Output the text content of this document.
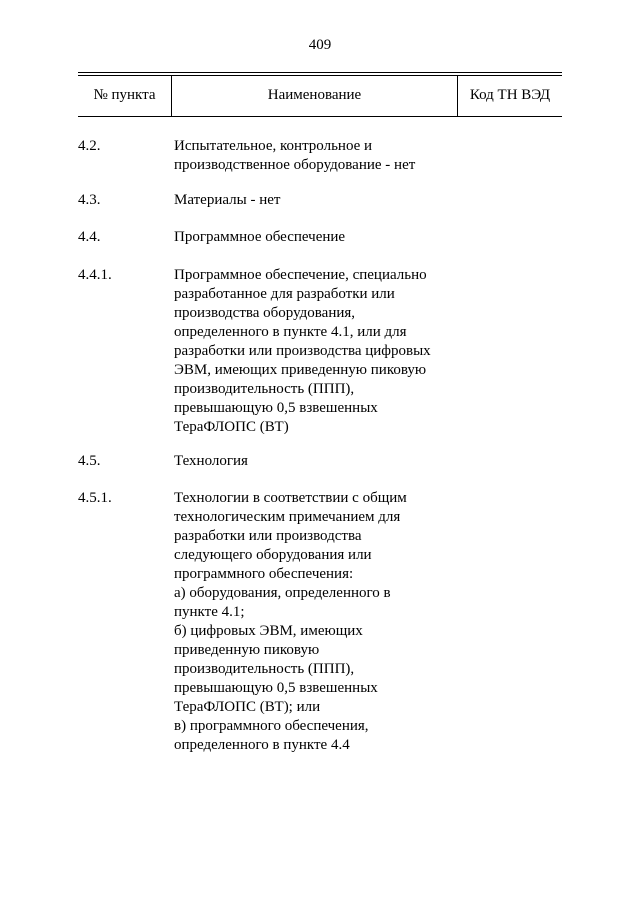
409
№ пункта	Наименование	Код ТН ВЭД
4.2.	Испытательное, контрольное и
производственное оборудование - нет
4.3.	Материалы - нет
4.4.	Программное обеспечение
4.4.1.	Программное обеспечение, специально
разработанное для разработки или
производства оборудования,
определенного в пункте 4.1, или для
разработки или производства цифровых
ЭВМ, имеющих приведенную пиковую
производительность (ППП),
превышающую 0,5 взвешенных
ТераФЛОПС (ВТ)
4.5.	Технология
4.5.1.	Технологии в соответствии с общим
технологическим примечанием для
разработки или производства
следующего оборудования или
программного обеспечения:
а) оборудования, определенного в
пункте 4.1;
б) цифровых ЭВМ, имеющих
приведенную пиковую
производительность (ППП),
превышающую 0,5 взвешенных
ТераФЛОПС (ВТ); или
в) программного обеспечения,
определенного в пункте 4.4
